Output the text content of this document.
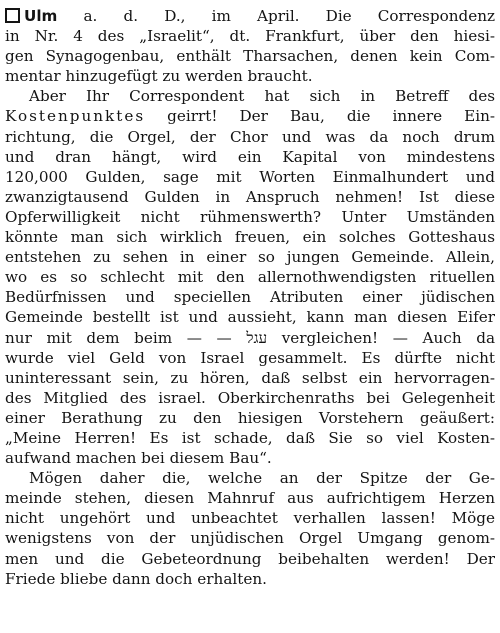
Ulm a. d. D., im April. Die Correspondenz
in Nr. 4 des „Israelit“, dt. Frankfurt, über den hiesi-
gen Synagogenbau, enthält Tharsachen, denen kein Com-
mentar hinzugefügt zu werden braucht.
Aber Ihr Correspondent hat sich in Betreff des
Kostenpunktes geirrt! Der Bau, die innere Ein-
richtung, die Orgel, der Chor und was da noch drum
und dran hängt, wird ein Kapital von mindestens
120,000 Gulden, sage mit Worten Einmalhundert und
zwanzigtausend Gulden in Anspruch nehmen! Ist diese
Opferwilligkeit nicht rühmenswerth? Unter Umständen
könnte man sich wirklich freuen, ein solches Gotteshaus
entstehen zu sehen in einer so jungen Gemeinde. Allein,
wo es so schlecht mit den allernothwendigsten rituellen
Bedürfnissen und speciellen Atributen einer jüdischen
Gemeinde bestellt ist und aussieht, kann man diesen Eifer
nur mit dem beim — — עגל vergleichen! — Auch da
wurde viel Geld von Israel gesammelt. Es dürfte nicht
uninteressant sein, zu hören, daß selbst ein hervorragen-
des Mitglied des israel. Oberkirchenraths bei Gelegenheit
einer Berathung zu den hiesigen Vorstehern geäußert:
„Meine Herren! Es ist schade, daß Sie so viel Kosten-
aufwand machen bei diesem Bau“.
Mögen daher die, welche an der Spitze der Ge-
meinde stehen, diesen Mahnruf aus aufrichtigem Herzen
nicht ungehört und unbeachtet verhallen lassen! Möge
wenigstens von der unjüdischen Orgel Umgang genom-
men und die Gebeteordnung beibehalten werden! Der
Friede bliebe dann doch erhalten.
